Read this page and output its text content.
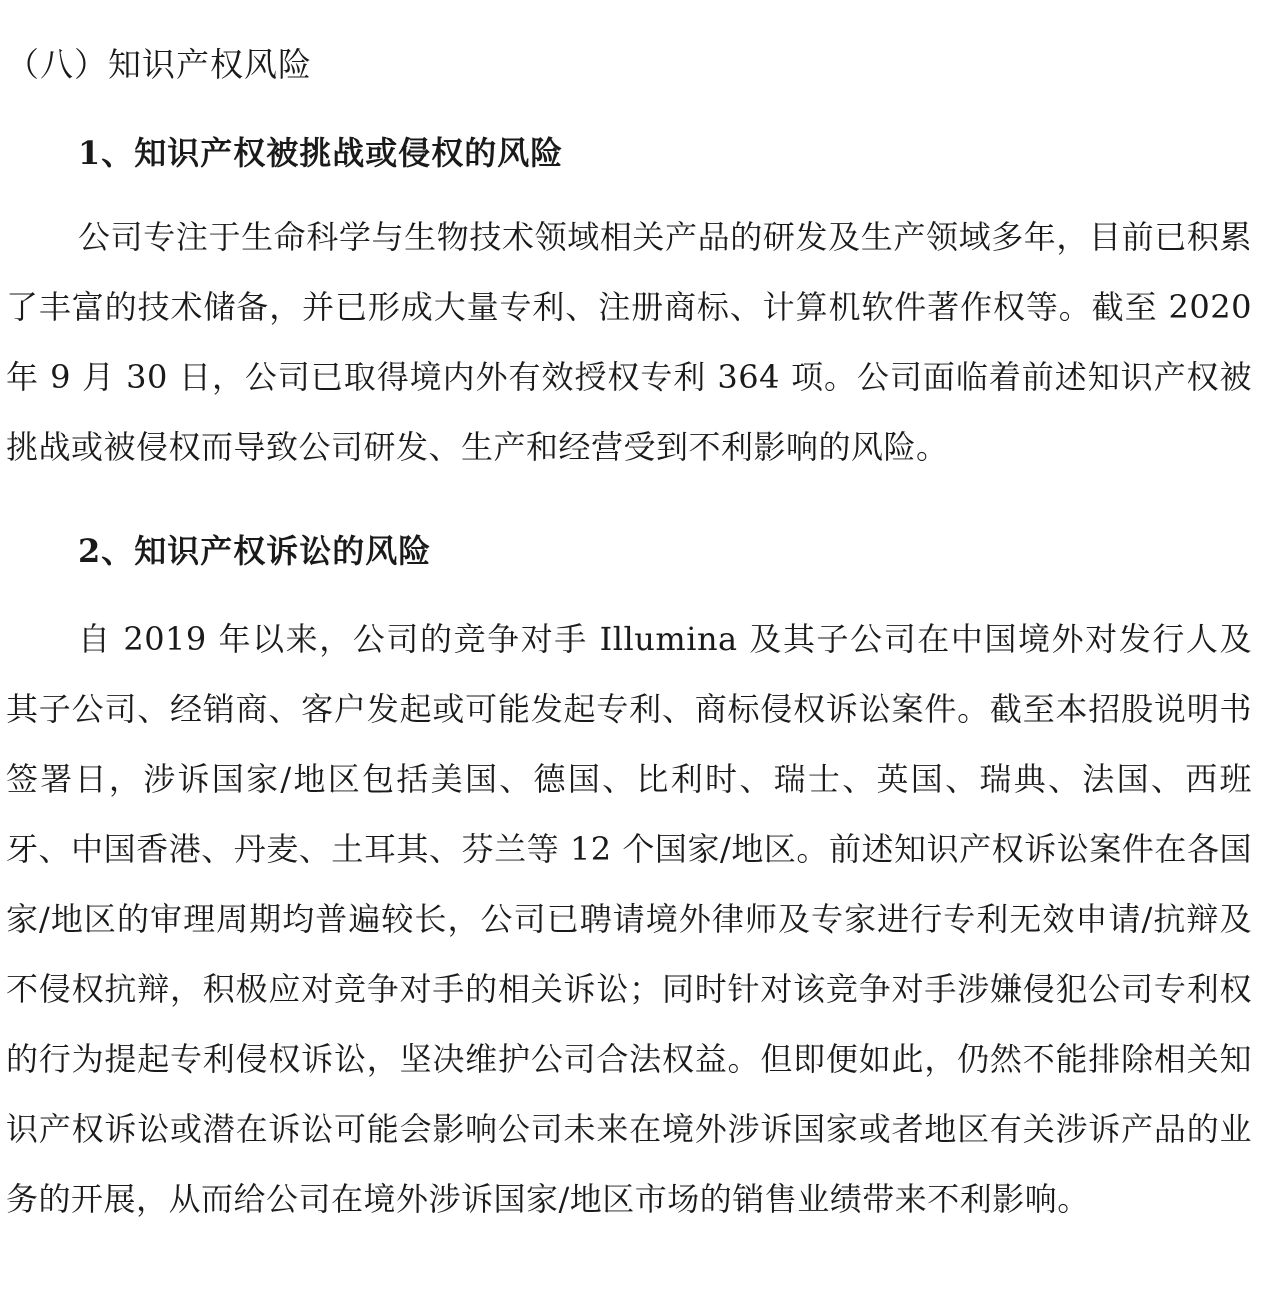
（八）知识产权风险
1、知识产权被挑战或侵权的风险

公司专注于生命科学与生物技术领域相关产品的研发及生产领域多年，目前已积累了丰富的技术储备，并已形成大量专利、注册商标、计算机软件著作权等。截至 2020 年 9 月 30 日，公司已取得境内外有效授权专利 364 项。公司面临着前述知识产权被挑战或被侵权而导致公司研发、生产和经营受到不利影响的风险。

2、知识产权诉讼的风险

自 2019 年以来，公司的竞争对手 Illumina 及其子公司在中国境外对发行人及其子公司、经销商、客户发起或可能发起专利、商标侵权诉讼案件。截至本招股说明书签署日，涉诉国家/地区包括美国、德国、比利时、瑞士、英国、瑞典、法国、西班牙、中国香港、丹麦、土耳其、芬兰等 12 个国家/地区。前述知识产权诉讼案件在各国家/地区的审理周期均普遍较长，公司已聘请境外律师及专家进行专利无效申请/抗辩及不侵权抗辩，积极应对竞争对手的相关诉讼；同时针对该竞争对手涉嫌侵犯公司专利权的行为提起专利侵权诉讼，坚决维护公司合法权益。但即便如此，仍然不能排除相关知识产权诉讼或潜在诉讼可能会影响公司未来在境外涉诉国家或者地区有关涉诉产品的业务的开展，从而给公司在境外涉诉国家/地区市场的销售业绩带来不利影响。
